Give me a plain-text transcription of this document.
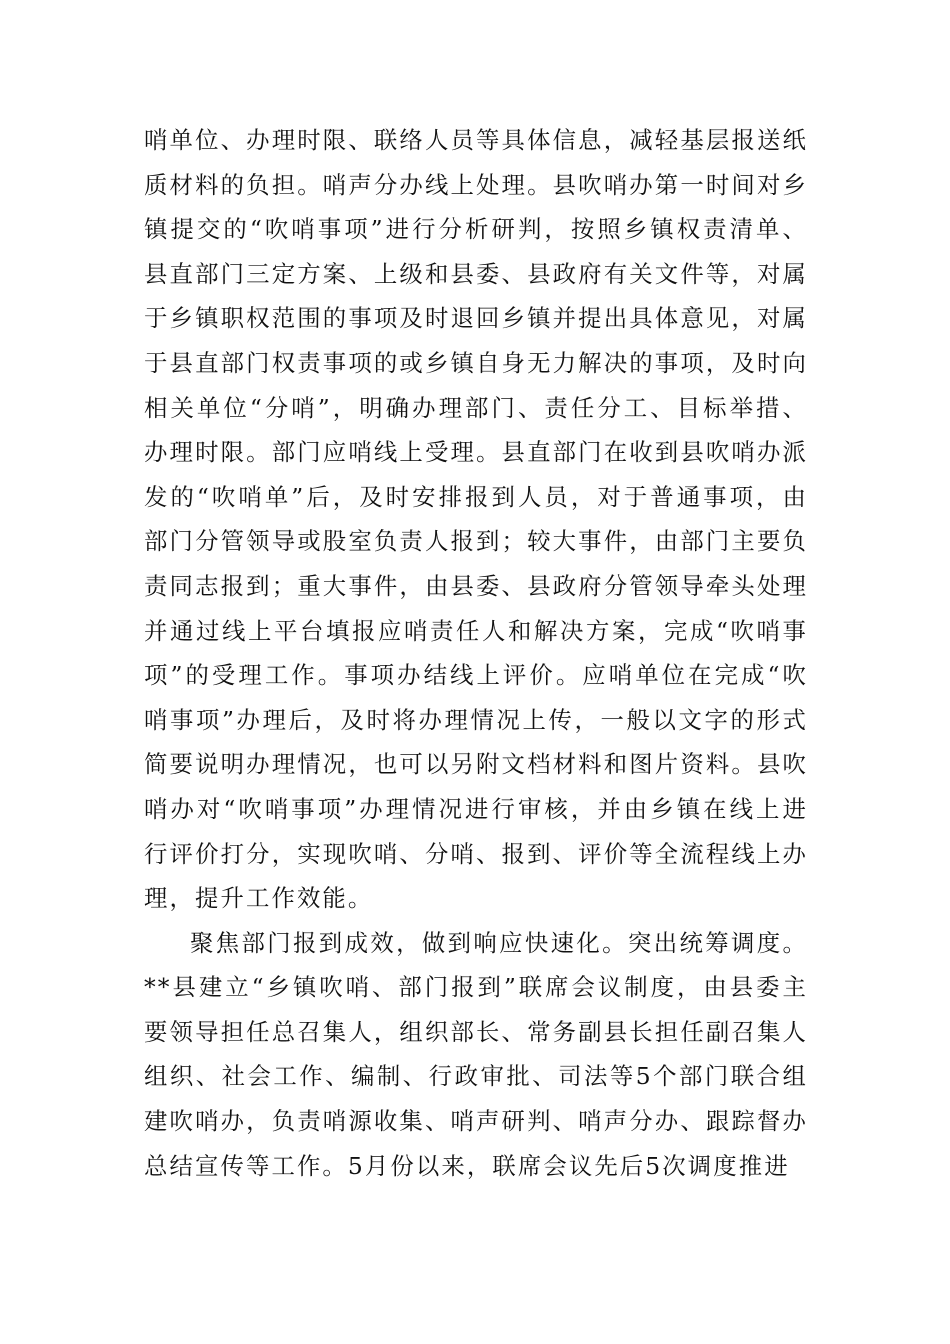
哨单位、办理时限、联络人员等具体信息，减轻基层报送纸质材料的负担。哨声分办线上处理。县吹哨办第一时间对乡镇提交的“吹哨事项”进行分析研判，按照乡镇权责清单、县直部门三定方案、上级和县委、县政府有关文件等，对属于乡镇职权范围的事项及时退回乡镇并提出具体意见，对属于县直部门权责事项的或乡镇自身无力解决的事项，及时向相关单位“分哨”，明确办理部门、责任分工、目标举措、办理时限。部门应哨线上受理。县直部门在收到县吹哨办派发的“吹哨单”后，及时安排报到人员，对于普通事项，由部门分管领导或股室负责人报到；较大事件，由部门主要负责同志报到；重大事件，由县委、县政府分管领导牵头处理并通过线上平台填报应哨责任人和解决方案，完成“吹哨事项”的受理工作。事项办结线上评价。应哨单位在完成“吹哨事项”办理后，及时将办理情况上传，一般以文字的形式简要说明办理情况，也可以另附文档材料和图片资料。县吹哨办对“吹哨事项”办理情况进行审核，并由乡镇在线上进行评价打分，实现吹哨、分哨、报到、评价等全流程线上办理，提升工作效能。

聚焦部门报到成效，做到响应快速化。突出统筹调度。**县建立“乡镇吹哨、部门报到”联席会议制度，由县委主要领导担任总召集人，组织部长、常务副县长担任副召集人组织、社会工作、编制、行政审批、司法等5个部门联合组建吹哨办，负责哨源收集、哨声研判、哨声分办、跟踪督办总结宣传等工作。5月份以来，联席会议先后5次调度推进
